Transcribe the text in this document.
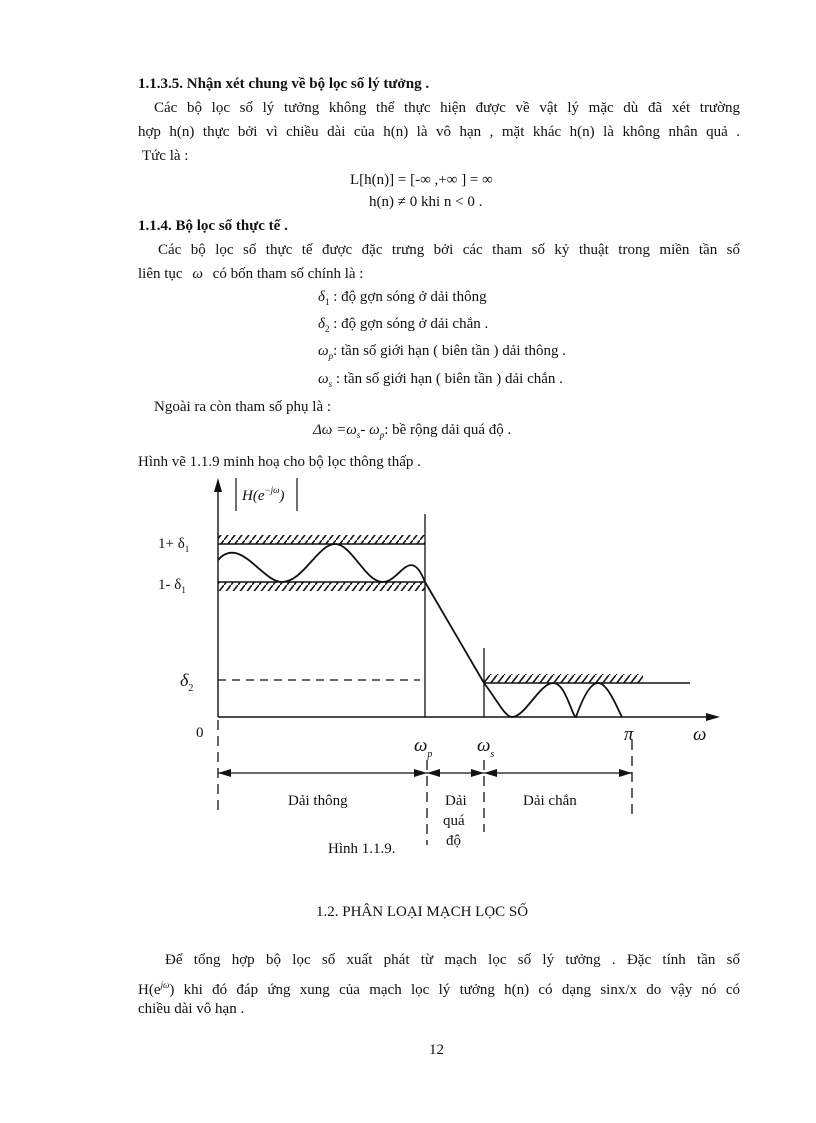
1.1.3.5. Nhận xét chung về bộ lọc số lý tưởng .
Các bộ lọc số lý tưởng không thể thực hiện được về vật lý mặc dù đã xét trường
hợp h(n) thực bởi vì chiều dài của h(n) là vô hạn , mặt khác h(n) là không nhân quả .
Tức là :
L[h(n)] = [-∞ ,+∞ ] = ∞
h(n) ≠ 0 khi n < 0 .
1.1.4. Bộ lọc số thực tế .
Các bộ lọc số thực tế được đặc trưng bởi các tham số kỷ thuật trong miền tần số
liên tục ω có bốn tham số chính là :
$\delta_1$ : độ gợn sóng ở dải thông
$\delta_2$ : độ gợn sóng ở dải chắn .
$\omega_p$: tần số giới hạn ( biên tần ) dải thông .
$\omega_s$ : tần số giới hạn ( biên tần ) dải chắn .
Ngoài ra còn tham số phụ là :
$\Delta\omega =\omega_s-$ $\omega_p$: bề rộng dải quá độ .
Hình vẽ 1.1.9 minh hoạ cho bộ lọc thông thấp .
$H(e^{-j\omega})$
$1+ \delta_1$
1- $\delta_1$
$\delta_2$
0
$\omega_p$ $\omega_s$
π	ω
Dải thông	Dải
quá
độ
Dải chắn
Hình 1.1.9.
1.2. PHÂN LOẠI MẠCH LỌC SỐ
Để tổng hợp bộ lọc số xuất phát từ mạch lọc số lý tưởng . Đặc tính tần số
$H(e^{j\omega})$ khi đó đáp ứng xung của mạch lọc lý tưởng h(n) có dạng sinx/x do vậy nó có
chiều dài vô hạn .
12
